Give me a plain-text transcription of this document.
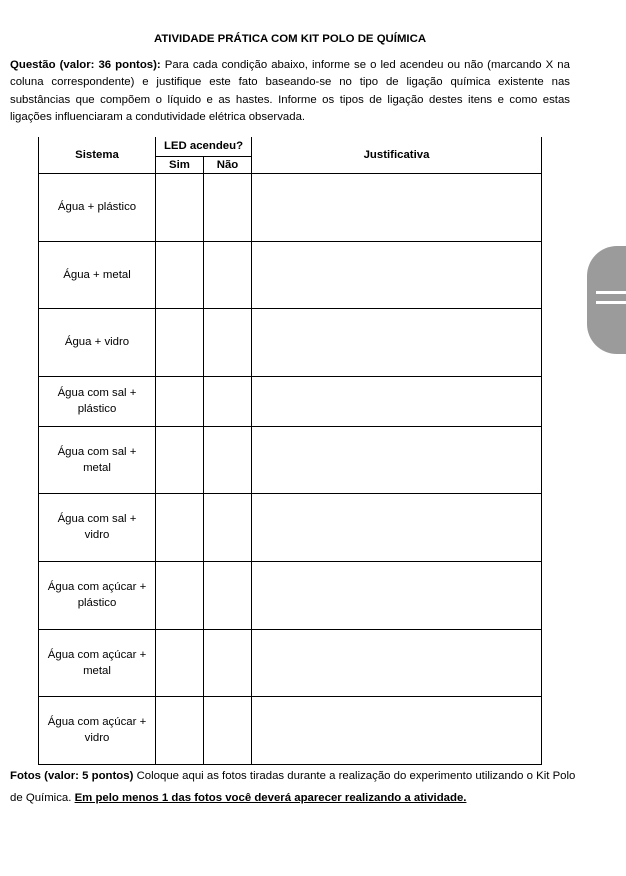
ATIVIDADE PRÁTICA COM KIT POLO DE QUÍMICA
Questão (valor: 36 pontos): Para cada condição abaixo, informe se o led acendeu ou não (marcando X na coluna correspondente) e justifique este fato baseando-se no tipo de ligação química existente nas substâncias que compõem o líquido e as hastes. Informe os tipos de ligação destes itens e como estas ligações influenciaram a condutividade elétrica observada.
Sistema	LED acendeu?		Justificativa
	Sim	Não	
Água + plástico			
Água + metal			
Água + vidro			
Água com sal + plástico			
Água com sal + metal			
Água com sal + vidro			
Água com açúcar + plástico			
Água com açúcar + metal			
Água com açúcar + vidro			
Fotos (valor: 5 pontos) Coloque aqui as fotos tiradas durante a realização do experimento utilizando o Kit Polo de Química. Em pelo menos 1 das fotos você deverá aparecer realizando a atividade.
